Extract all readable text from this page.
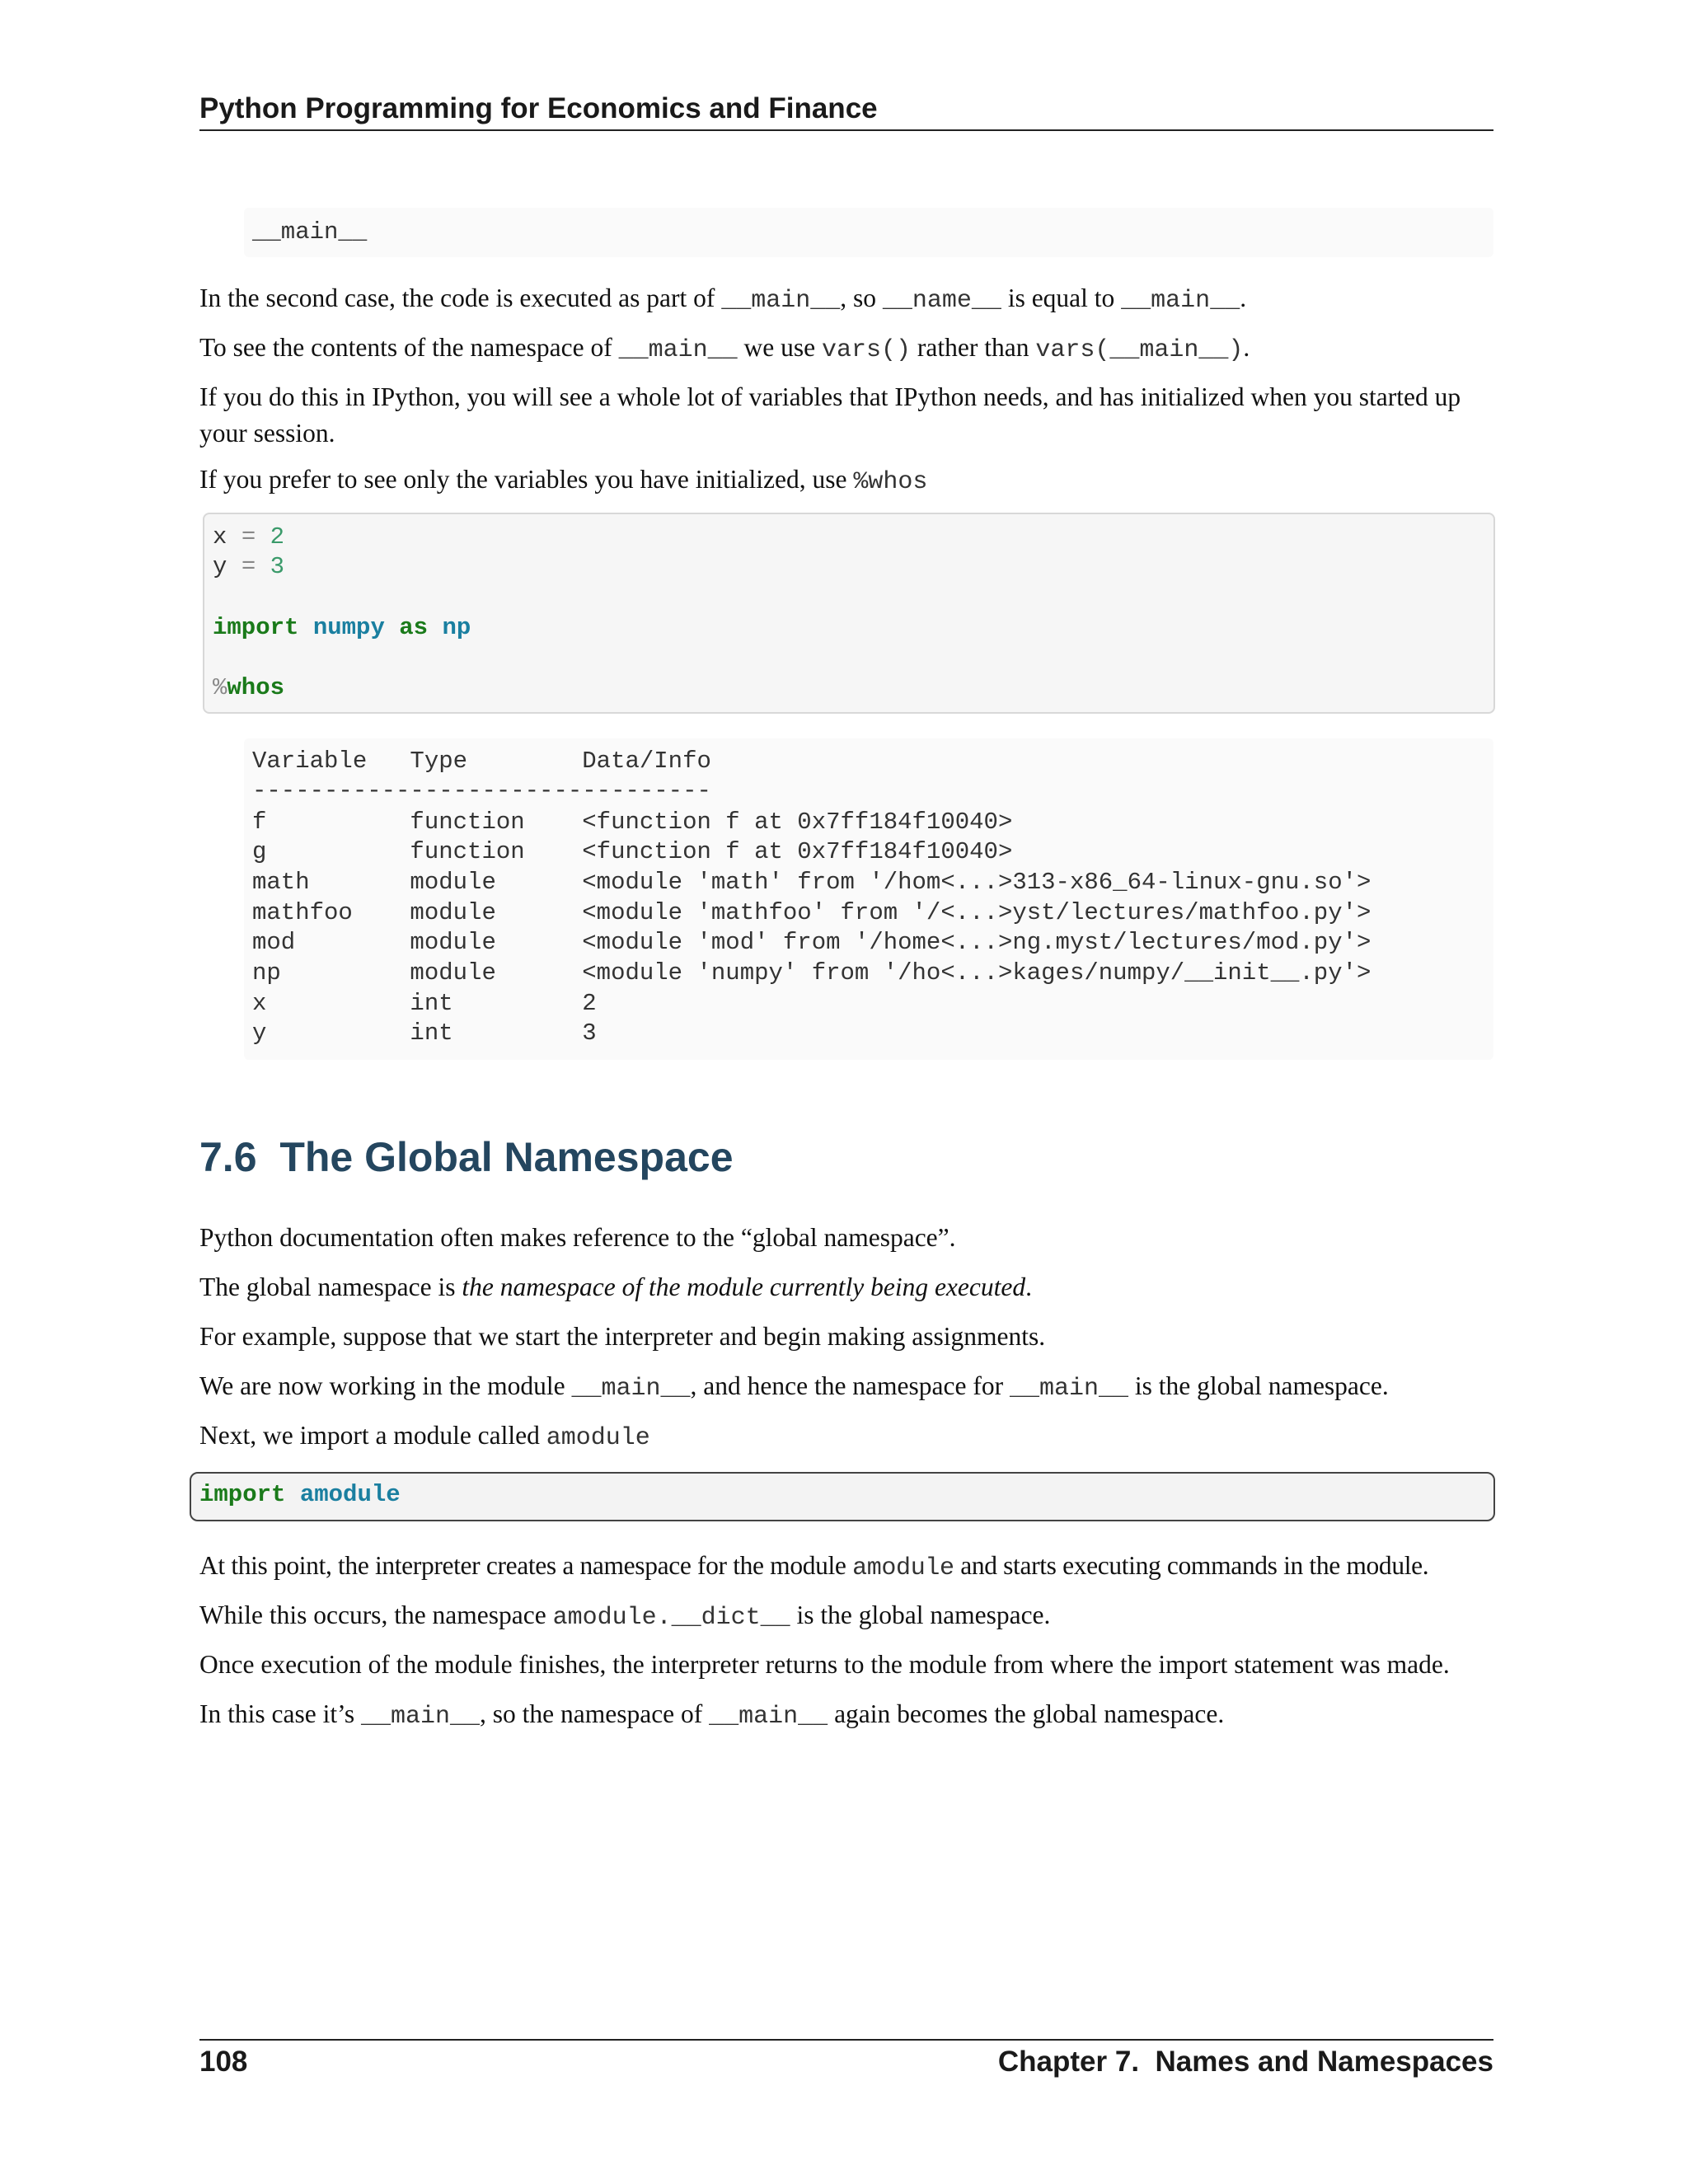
Python Programming for Economics and Finance
__main__
In the second case, the code is executed as part of __main__, so __name__ is equal to __main__.
To see the contents of the namespace of __main__ we use vars() rather than vars(__main__).
If you do this in IPython, you will see a whole lot of variables that IPython needs, and has initialized when you started up your session.
If you prefer to see only the variables you have initialized, use %whos
x = 2
y = 3
import numpy as np
%whos
Variable   Type        Data/Info
--------------------------------
f          function    <function f at 0x7ff184f10040>
g          function    <function f at 0x7ff184f10040>
math       module      <module 'math' from '/hom<...>313-x86_64-linux-gnu.so'>
mathfoo    module      <module 'mathfoo' from '/<...>yst/lectures/mathfoo.py'>
mod        module      <module 'mod' from '/home<...>ng.myst/lectures/mod.py'>
np         module      <module 'numpy' from '/ho<...>kages/numpy/__init__.py'>
x          int         2
y          int         3
7.6 The Global Namespace
Python documentation often makes reference to the “global namespace”.
The global namespace is the namespace of the module currently being executed.
For example, suppose that we start the interpreter and begin making assignments.
We are now working in the module __main__, and hence the namespace for __main__ is the global namespace.
Next, we import a module called amodule
import amodule
At this point, the interpreter creates a namespace for the module amodule and starts executing commands in the module.
While this occurs, the namespace amodule.__dict__ is the global namespace.
Once execution of the module finishes, the interpreter returns to the module from where the import statement was made.
In this case it’s __main__, so the namespace of __main__ again becomes the global namespace.
108	Chapter 7.  Names and Namespaces
